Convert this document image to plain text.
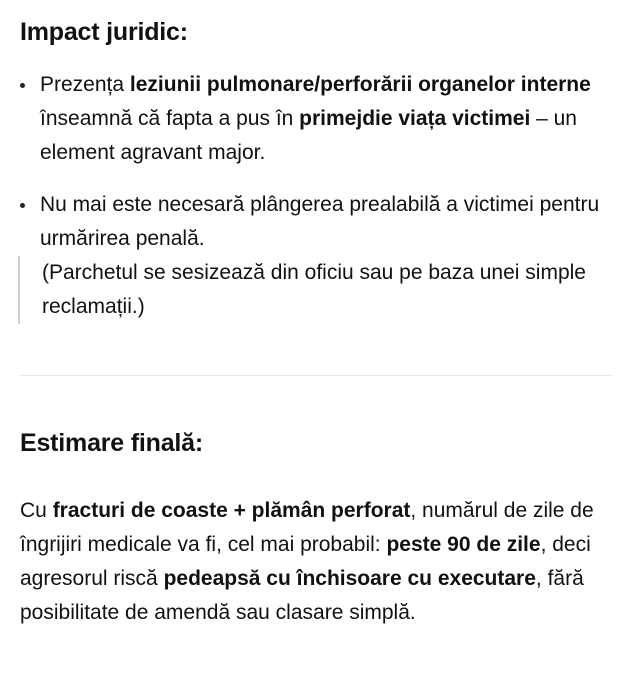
Impact juridic:
Prezența leziunii pulmonare/perforării organelor interne înseamnă că fapta a pus în primejdie viața victimei – un element agravant major.
Nu mai este necesară plângerea prealabilă a victimei pentru urmărirea penală.
(Parchetul se sesizează din oficiu sau pe baza unei simple reclamații.)
Estimare finală:

Cu fracturi de coaste + plămân perforat, numărul de zile de îngrijiri medicale va fi, cel mai probabil: peste 90 de zile, deci agresorul riscă pedeapsă cu închisoare cu executare, fără posibilitate de amendă sau clasare simplă.
